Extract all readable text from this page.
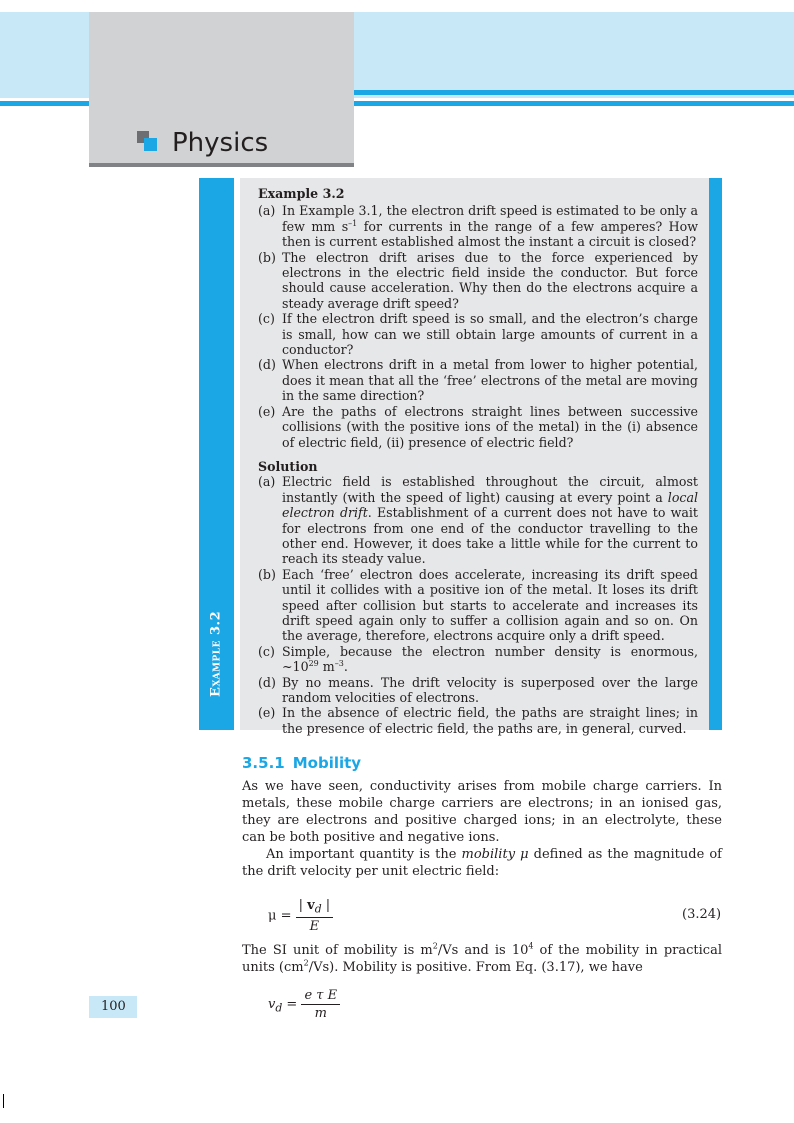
Physics
Example 3.2

Example 3.2

(a) In Example 3.1, the electron drift speed is estimated to be only a few mm $s^{-1}$ for currents in the range of a few amperes? How then is current established almost the instant a circuit is closed?

(b) The electron drift arises due to the force experienced by electrons in the electric field inside the conductor. But force should cause acceleration. Why then do the electrons acquire a steady average drift speed?

(c) If the electron drift speed is so small, and the electron’s charge is small, how can we still obtain large amounts of current in a conductor?

(d) When electrons drift in a metal from lower to higher potential, does it mean that all the ‘free’ electrons of the metal are moving in the same direction?

(e) Are the paths of electrons straight lines between successive collisions (with the positive ions of the metal) in the (i) absence of electric field, (ii) presence of electric field?

Solution

(a) Electric field is established throughout the circuit, almost instantly (with the speed of light) causing at every point a local electron drift. Establishment of a current does not have to wait for electrons from one end of the conductor travelling to the other end. However, it does take a little while for the current to reach its steady value.

(b) Each ‘free’ electron does accelerate, increasing its drift speed until it collides with a positive ion of the metal. It loses its drift speed after collision but starts to accelerate and increases its drift speed again only to suffer a collision again and so on. On the average, therefore, electrons acquire only a drift speed.

(c) Simple, because the electron number density is enormous, $\sim 10^{29}$ $m^{-3}$.

(d) By no means. The drift velocity is superposed over the large random velocities of electrons.

(e) In the absence of electric field, the paths are straight lines; in the presence of electric field, the paths are, in general, curved.

3.5.1 Mobility

As we have seen, conductivity arises from mobile charge carriers. In metals, these mobile charge carriers are electrons; in an ionised gas, they are electrons and positive charged ions; in an electrolyte, these can be both positive and negative ions.

An important quantity is the mobility μ defined as the magnitude of the drift velocity per unit electric field:

$\mu = \frac{| v_d |}{E}$	(3.24)

The SI unit of mobility is $m^2/Vs$ and is $10^4$ of the mobility in practical units $(cm^2/Vs)$. Mobility is positive. From Eq. (3.17), we have

$v_d = \frac{\text{e τ E}}{m}$
100
